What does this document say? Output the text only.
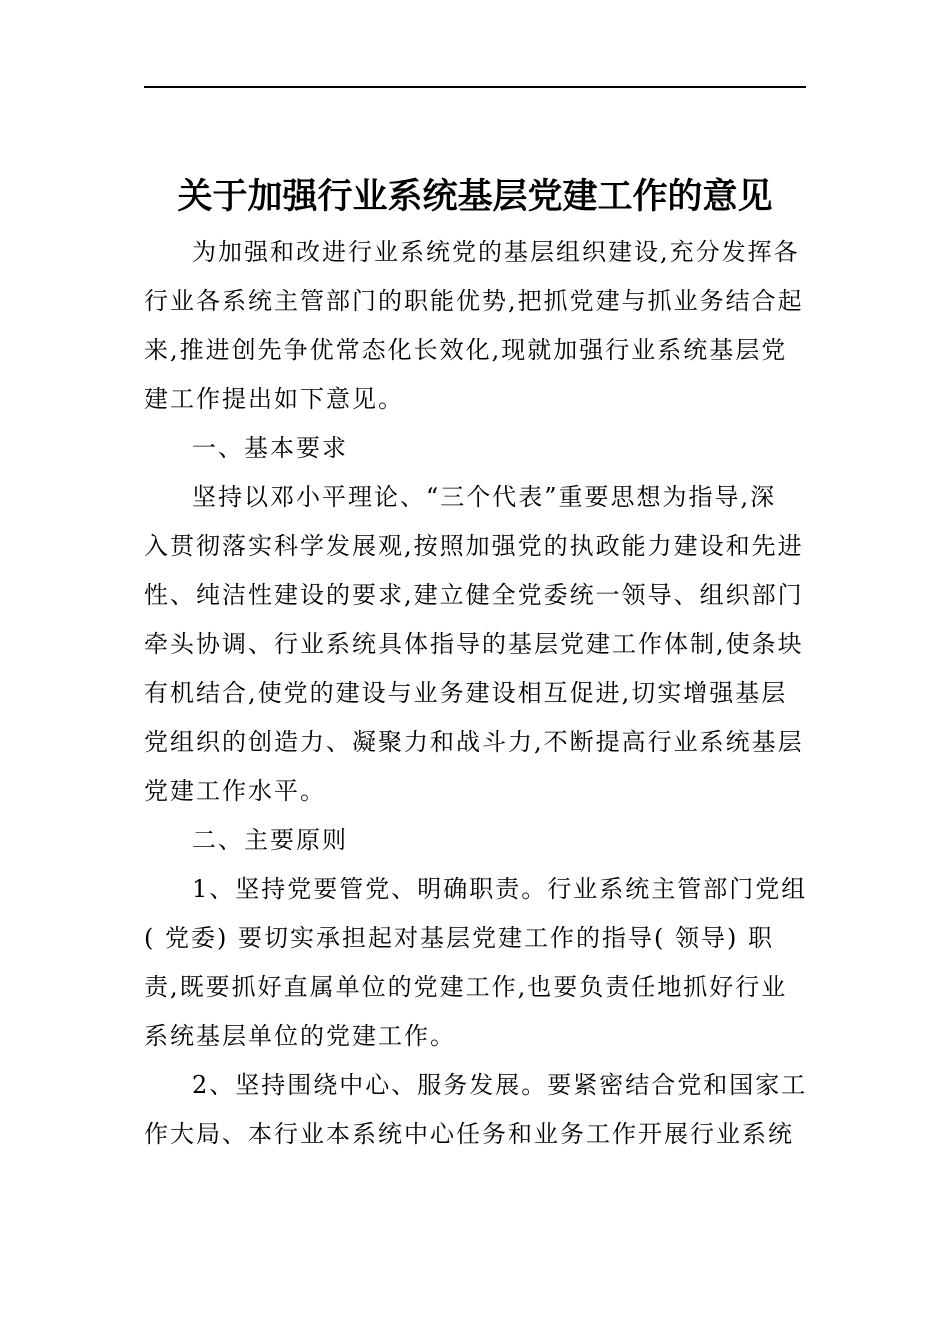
关于加强行业系统基层党建工作的意见
为加强和改进行业系统党的基层组织建设,充分发挥各
行业各系统主管部门的职能优势,把抓党建与抓业务结合起
来,推进创先争优常态化长效化,现就加强行业系统基层党
建工作提出如下意见。
一、基本要求
坚持以邓小平理论、“三个代表”重要思想为指导,深
入贯彻落实科学发展观,按照加强党的执政能力建设和先进
性、纯洁性建设的要求,建立健全党委统一领导、组织部门
牵头协调、行业系统具体指导的基层党建工作体制,使条块
有机结合,使党的建设与业务建设相互促进,切实增强基层
党组织的创造力、凝聚力和战斗力,不断提高行业系统基层
党建工作水平。
二、主要原则
1、坚持党要管党、明确职责。行业系统主管部门党组
( 党委) 要切实承担起对基层党建工作的指导( 领导) 职
责,既要抓好直属单位的党建工作,也要负责任地抓好行业
系统基层单位的党建工作。
2、坚持围绕中心、服务发展。要紧密结合党和国家工
作大局、本行业本系统中心任务和业务工作开展行业系统
